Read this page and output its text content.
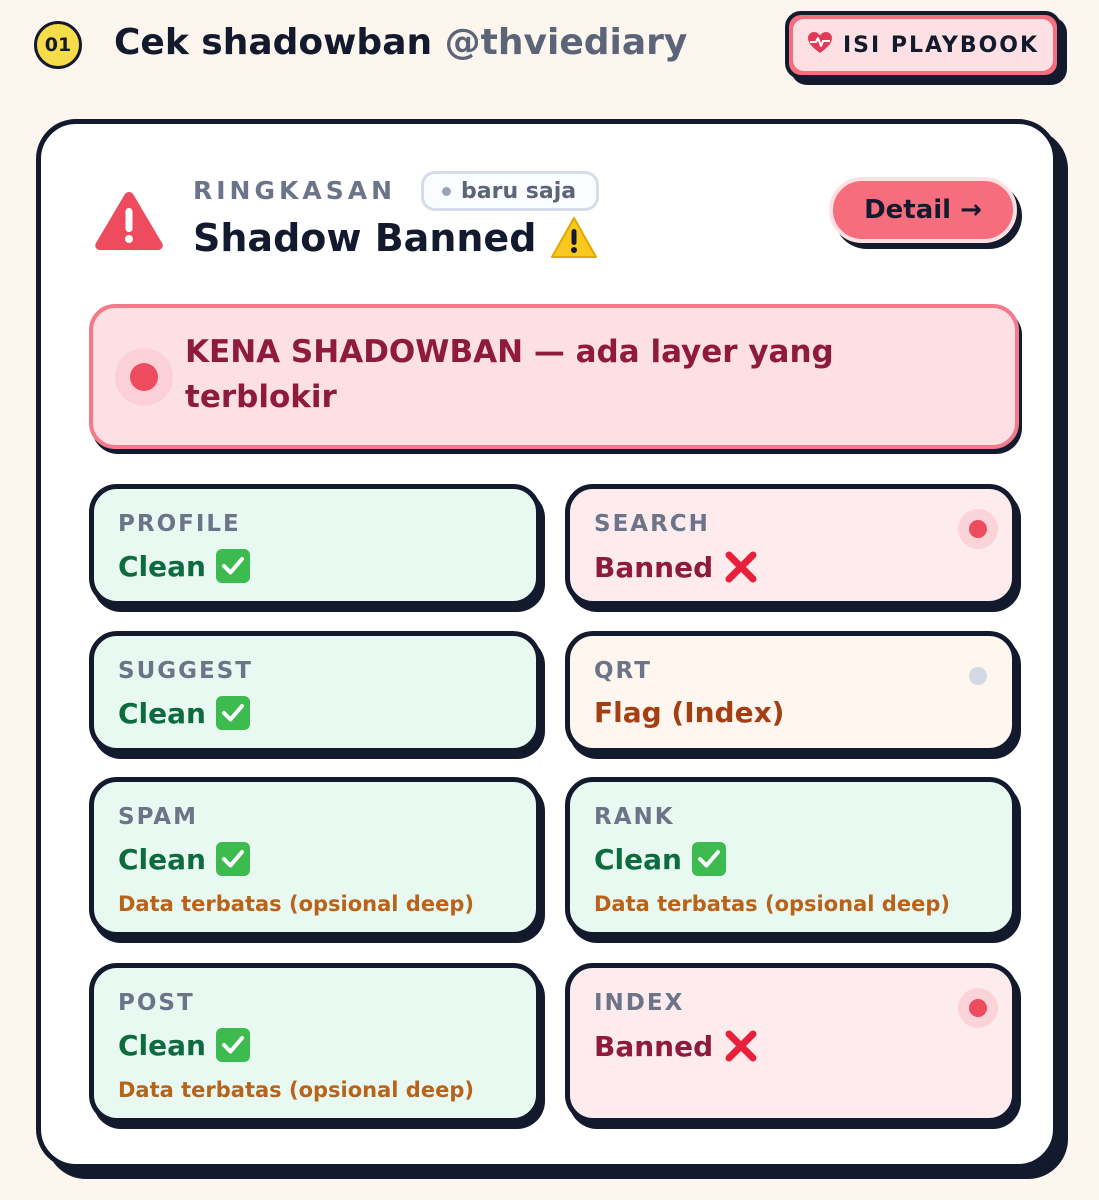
01 Cek shadowban @thviediary	ISI PLAYBOOK
RINGKASAN	baru saja
Shadow Banned
Detail →
KENA SHADOWBAN — ada layer yang terblokir
PROFILE
Clean
SEARCH
Banned
SUGGEST
Clean
QRT
Flag (Index)
SPAM
Clean
Data terbatas (opsional deep)
RANK
Clean
Data terbatas (opsional deep)
POST
Clean
Data terbatas (opsional deep)
INDEX
Banned
